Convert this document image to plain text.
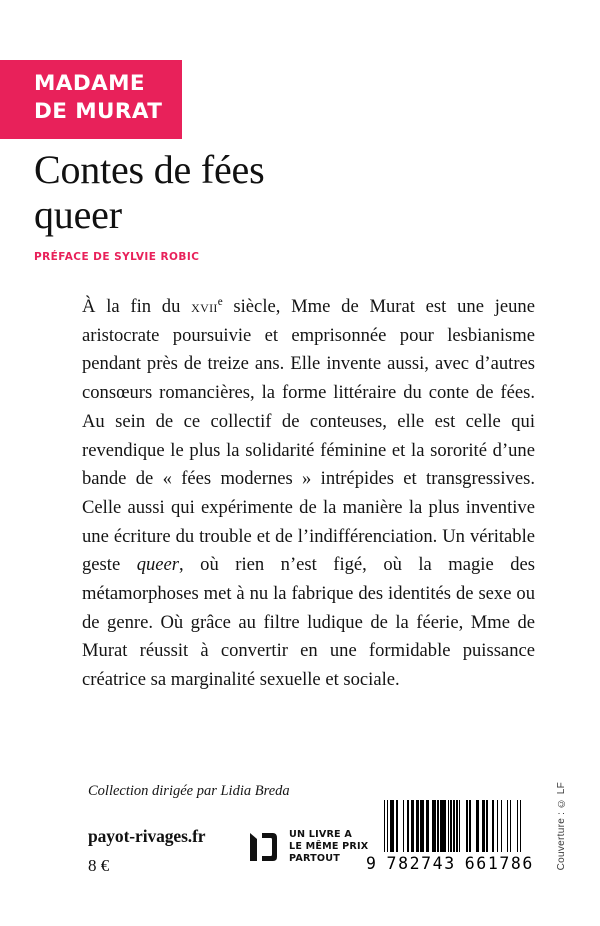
MADAME
DE MURAT
Contes de fées
queer
PRÉFACE DE SYLVIE ROBIC
À la fin du xvii$^e$ siècle, Mme de Murat est une jeune aristocrate poursuivie et emprisonnée pour lesbianisme pendant près de treize ans. Elle invente aussi, avec d’autres consœurs romancières, la forme littéraire du conte de fées. Au sein de ce collectif de conteuses, elle est celle qui revendique le plus la solidarité féminine et la sororité d’une bande de « fées modernes » intrépides et transgressives. Celle aussi qui expérimente de la manière la plus inventive une écriture du trouble et de l’indifférenciation. Un véritable geste queer, où rien n’est figé, où la magie des métamorphoses met à nu la fabrique des identités de sexe ou de genre. Où grâce au filtre ludique de la féerie, Mme de Murat réussit à convertir en une formidable puissance créatrice sa marginalité sexuelle et sociale.
Collection dirigée par Lidia Breda
payot-rivages.fr
8 €
UN LIVRE A
LE MÊME PRIX
PARTOUT	9 782743 661786 Couverture : © LF
